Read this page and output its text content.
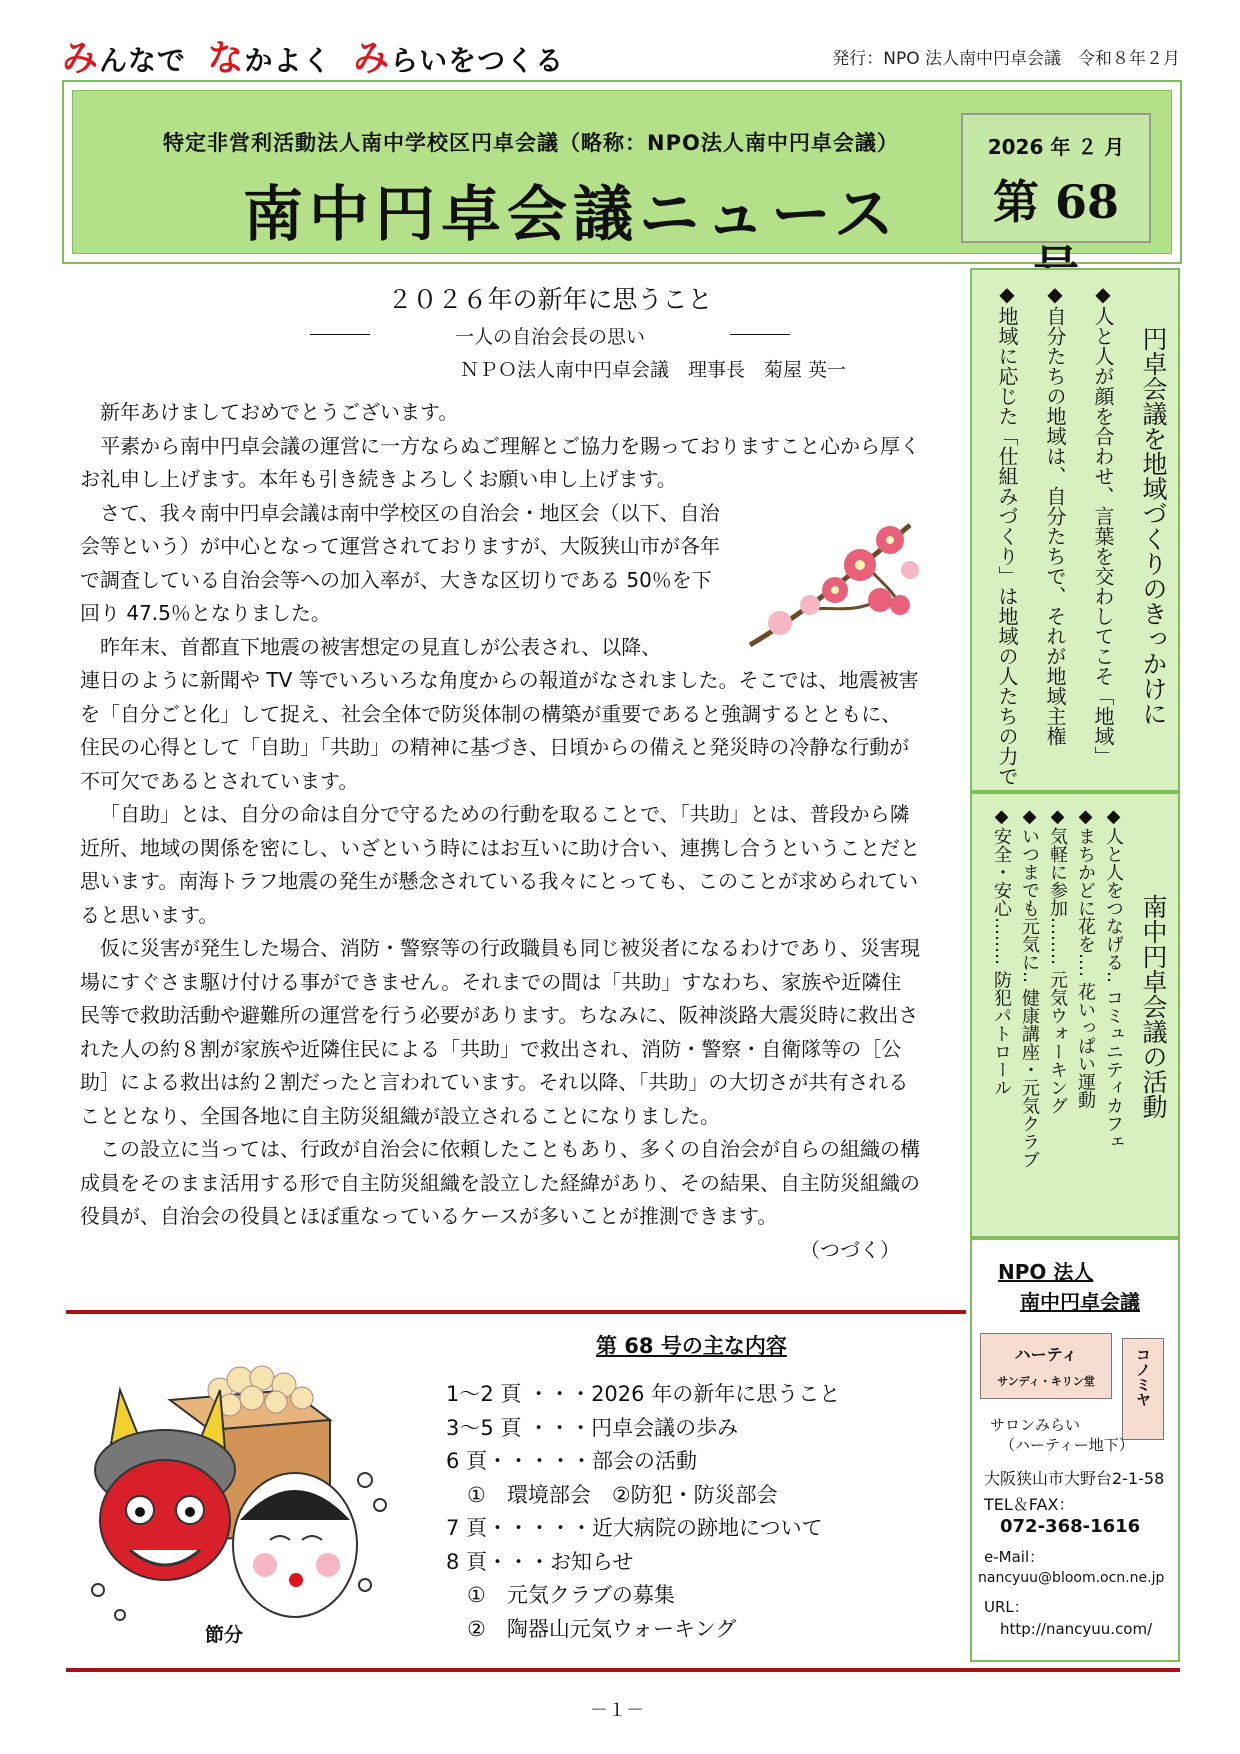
みんなで なかよく みらいをつくる	発行：NPO 法人南中円卓会議　令和８年２月
特定非営利活動法人南中学校区円卓会議（略称：NPO法人南中円卓会議）
南中円卓会議ニュース
2026 年 ２ 月
第 68
２０２６年の新年に思うこと
一人の自治会長の思い
ＮＰＯ法人南中円卓会議　理事長　菊屋 英一

新年あけましておめでとうございます。

平素から南中円卓会議の運営に一方ならぬご理解とご協力を賜っておりますこと心から厚くお礼申し上げます。本年も引き続きよろしくお願い申し上げます。

さて、我々南中円卓会議は南中学校区の自治会・地区会（以下、自治会等という）が中心となって運営されておりますが、大阪狭山市が各年で調査している自治会等への加入率が、大きな区切りである 50％を下回り 47.5％となりました。

昨年末、首都直下地震の被害想定の見直しが公表され、以降、

連日のように新聞や TV 等でいろいろな角度からの報道がなされました。そこでは、地震被害を「自分ごと化」して捉え、社会全体で防災体制の構築が重要であると強調するとともに、住民の心得として「自助」「共助」の精神に基づき、日頃からの備えと発災時の冷静な行動が不可欠であるとされています。

「自助」とは、自分の命は自分で守るための行動を取ることで、「共助」とは、普段から隣近所、地域の関係を密にし、いざという時にはお互いに助け合い、連携し合うということだと思います。南海トラフ地震の発生が懸念されている我々にとっても、このことが求められていると思います。

仮に災害が発生した場合、消防・警察等の行政職員も同じ被災者になるわけであり、災害現場にすぐさま駆け付ける事ができません。それまでの間は「共助」すなわち、家族や近隣住民等で救助活動や避難所の運営を行う必要があります。ちなみに、阪神淡路大震災時に救出された人の約８割が家族や近隣住民による「共助」で救出され、消防・警察・自衛隊等の［公助］による救出は約２割だったと言われています。それ以降、「共助」の大切さが共有されることとなり、全国各地に自主防災組織が設立されることになりました。

この設立に当っては、行政が自治会に依頼したこともあり、多くの自治会が自らの組織の構成員をそのまま活用する形で自主防災組織を設立した経緯があり、その結果、自主防災組織の役員が、自治会の役員とほぼ重なっているケースが多いことが推測できます。

（つづく）
円卓会議を地域づくりのきっかけに
◆人と人が顔を合わせ、言葉を交わしてこそ「地域」
◆自分たちの地域は、自分たちで、それが地域主権
◆地域に応じた「仕組みづくり」は地域の人たちの力で
南中円卓会議の活動
◆人と人をつなげる‥ コミュニティカフェ
◆まちかどに花を‥‥ 花いっぱい運動
◆気軽に参加‥‥‥‥ 元気ウォーキング
◆いつまでも元気に‥ 健康講座・元気クラブ
◆安全・安心‥‥‥‥ 防犯パトロール
NPO 法人
南中円卓会議
ハーティ
サンディ・キリン堂	コノミヤ
サロンみらい
（ハーティー地下）
大阪狭山市大野台2-1-58
TEL＆FAX：
072-368-1616
e-Mail：
nancyuu@bloom.ocn.ne.jp
URL：
http://nancyuu.com/
第 68 号の主な内容
1～2 頁 ・・・2026 年の新年に思うこと
3～5 頁 ・・・円卓会議の歩み
6 頁・・・・・部会の活動
　①　環境部会　②防犯・防災部会
7 頁・・・・・近大病院の跡地について
8 頁・・・お知らせ
　①　元気クラブの募集
　②　陶器山元気ウォーキング
節分
－１－
